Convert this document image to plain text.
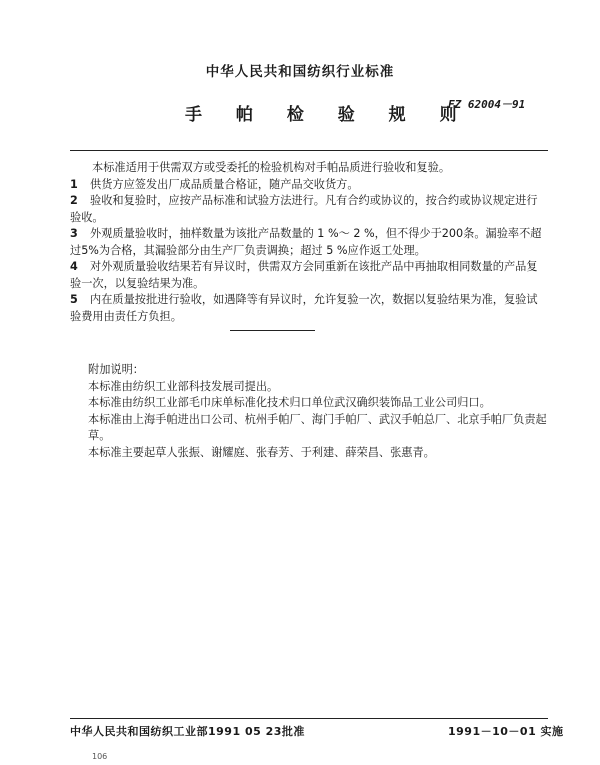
中华人民共和国纺织行业标准
手 帕 检 验 规 则
FZ 62004－91

本标准适用于供需双方或受委托的检验机构对手帕品质进行验收和复验。

1 供货方应签发出厂成品质量合格证，随产品交收货方。

2 验收和复验时，应按产品标准和试验方法进行。凡有合约或协议的，按合约或协议规定进行验收。

3 外观质量验收时，抽样数量为该批产品数量的 1 %～ 2 %，但不得少于200条。漏验率不超过5%为合格，其漏验部分由生产厂负责调换；超过 5 %应作返工处理。

4 对外观质量验收结果若有异议时，供需双方会同重新在该批产品中再抽取相同数量的产品复验一次，以复验结果为准。

5 内在质量按批进行验收，如遇降等有异议时，允许复验一次，数据以复验结果为准，复验试验费用由责任方负担。

附加说明：

本标准由纺织工业部科技发展司提出。

本标准由纺织工业部毛巾床单标准化技术归口单位武汉确织装饰品工业公司归口。

本标准由上海手帕进出口公司、杭州手帕厂、海门手帕厂、武汉手帕总厂、北京手帕厂负责起草。

本标准主要起草人张振、谢耀庭、张春芳、于利建、薛荣昌、张惠青。

中华人民共和国纺织工业部1991 05 23批准	1991－10－01 实施
106
